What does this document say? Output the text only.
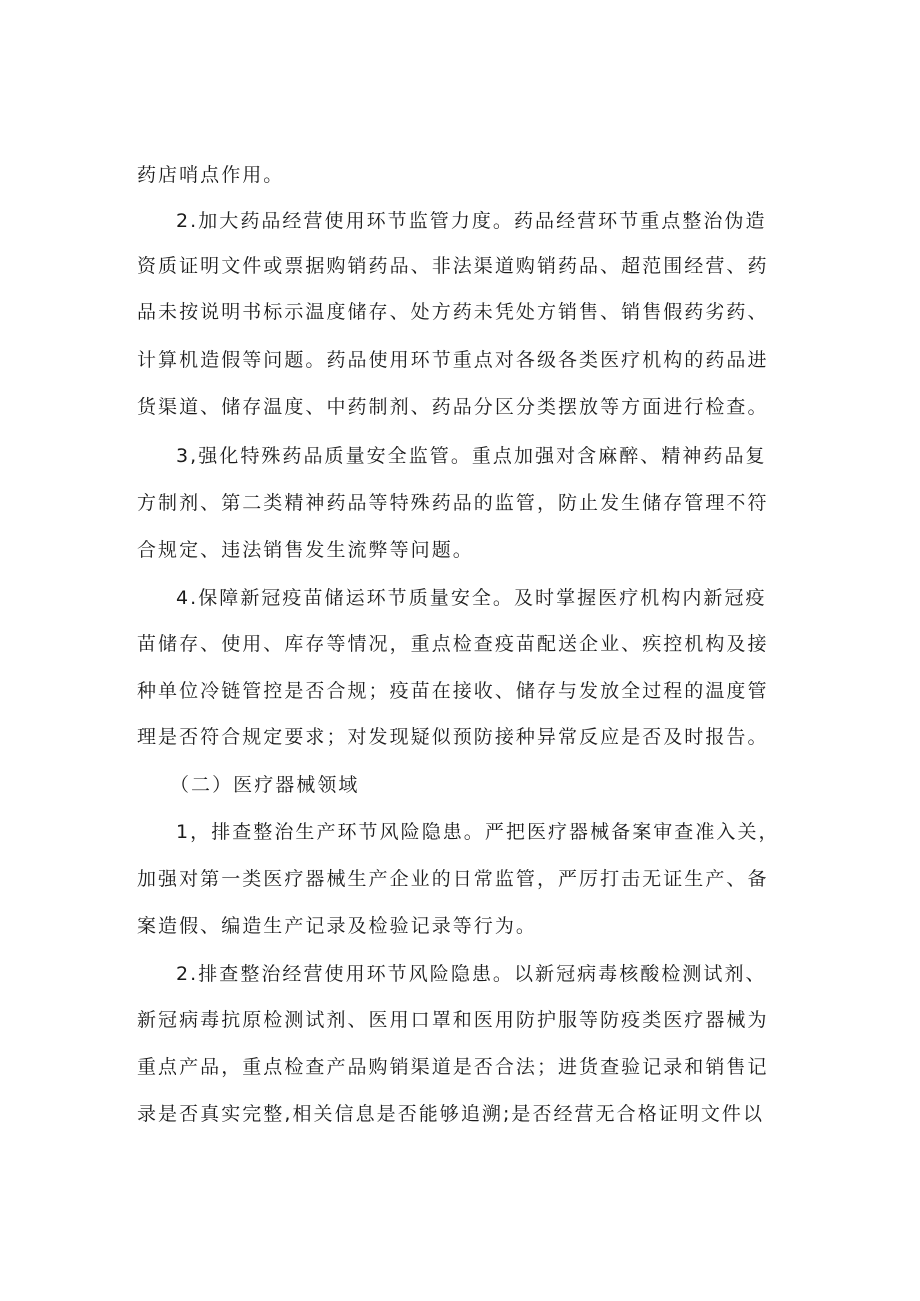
药店哨点作用。
2.加大药品经营使用环节监管力度。药品经营环节重点整治伪造
资质证明文件或票据购销药品、非法渠道购销药品、超范围经营、药
品未按说明书标示温度储存、处方药未凭处方销售、销售假药劣药、
计算机造假等问题。药品使用环节重点对各级各类医疗机构的药品进
货渠道、储存温度、中药制剂、药品分区分类摆放等方面进行检查。
3,强化特殊药品质量安全监管。重点加强对含麻醉、精神药品复
方制剂、第二类精神药品等特殊药品的监管，防止发生储存管理不符
合规定、违法销售发生流弊等问题。
4.保障新冠疫苗储运环节质量安全。及时掌握医疗机构内新冠疫
苗储存、使用、库存等情况，重点检查疫苗配送企业、疾控机构及接
种单位冷链管控是否合规；疫苗在接收、储存与发放全过程的温度管
理是否符合规定要求；对发现疑似预防接种异常反应是否及时报告。
（二）医疗器械领域
1，排查整治生产环节风险隐患。严把医疗器械备案审查准入关，
加强对第一类医疗器械生产企业的日常监管，严厉打击无证生产、备
案造假、编造生产记录及检验记录等行为。
2.排查整治经营使用环节风险隐患。以新冠病毒核酸检测试剂、
新冠病毒抗原检测试剂、医用口罩和医用防护服等防疫类医疗器械为
重点产品，重点检查产品购销渠道是否合法；进货查验记录和销售记
录是否真实完整,相关信息是否能够追溯;是否经营无合格证明文件以
